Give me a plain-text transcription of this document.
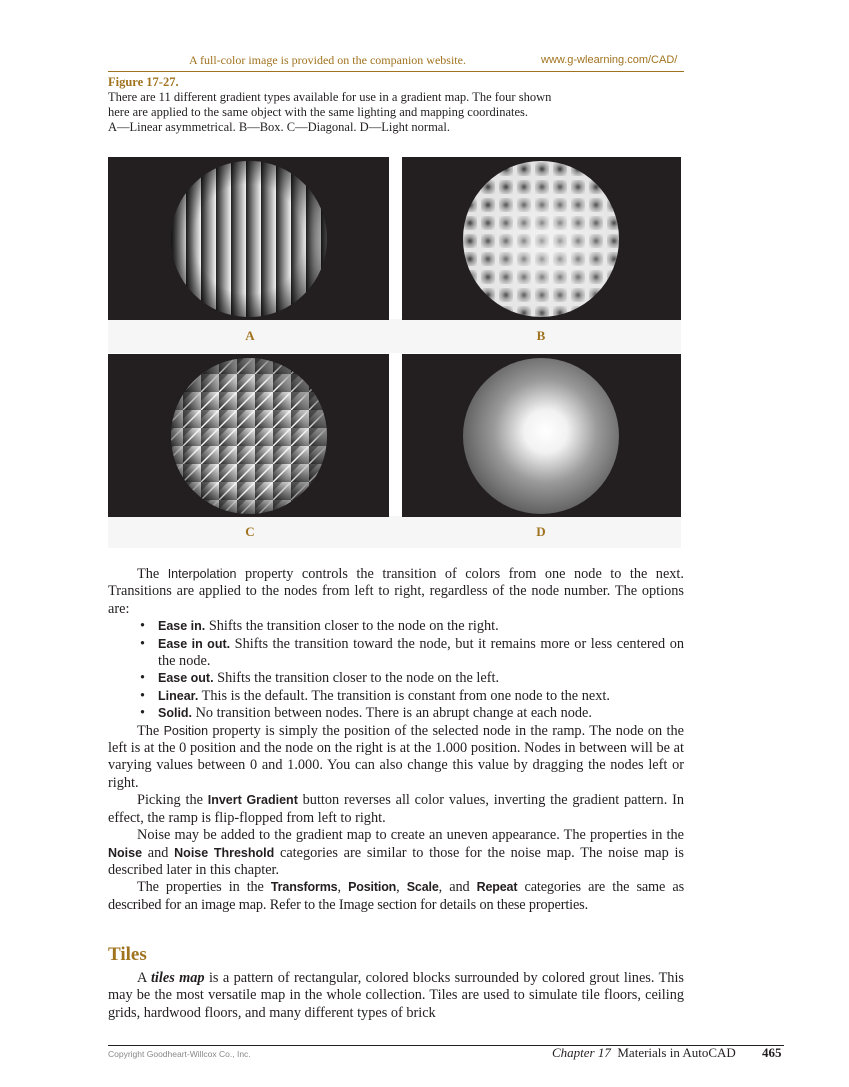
A full-color image is provided on the companion website.	www.g-wlearning.com/CAD/
Figure 17-27.
There are 11 different gradient types available for use in a gradient map. The four shown
here are applied to the same object with the same lighting and mapping coordinates.
A—Linear asymmetrical. B—Box. C—Diagonal. D—Light normal.
A	B
C	D

The Interpolation property controls the transition of colors from one node to the next. Transitions are applied to the nodes from left to right, regardless of the node number. The options are:

• Ease in. Shifts the transition closer to the node on the right.
• Ease in out. Shifts the transition toward the node, but it remains more or less centered on the node.
• Ease out. Shifts the transition closer to the node on the left.
• Linear. This is the default. The transition is constant from one node to the next.
• Solid. No transition between nodes. There is an abrupt change at each node.

The Position property is simply the position of the selected node in the ramp. The node on the left is at the 0 position and the node on the right is at the 1.000 position. Nodes in between will be at varying values between 0 and 1.000. You can also change this value by dragging the nodes left or right.

Picking the Invert Gradient button reverses all color values, inverting the gradient pattern. In effect, the ramp is flip-flopped from left to right.

Noise may be added to the gradient map to create an uneven appearance. The properties in the Noise and Noise Threshold categories are similar to those for the noise map. The noise map is described later in this chapter.

The properties in the Transforms, Position, Scale, and Repeat categories are the same as described for an image map. Refer to the Image section for details on these properties.

Tiles

A tiles map is a pattern of rectangular, colored blocks surrounded by colored grout lines. This may be the most versatile map in the whole collection. Tiles are used to simulate tile floors, ceiling grids, hardwood floors, and many different types of brick

Copyright Goodheart-Willcox Co., Inc.	Chapter 17 Materials in AutoCAD 465
